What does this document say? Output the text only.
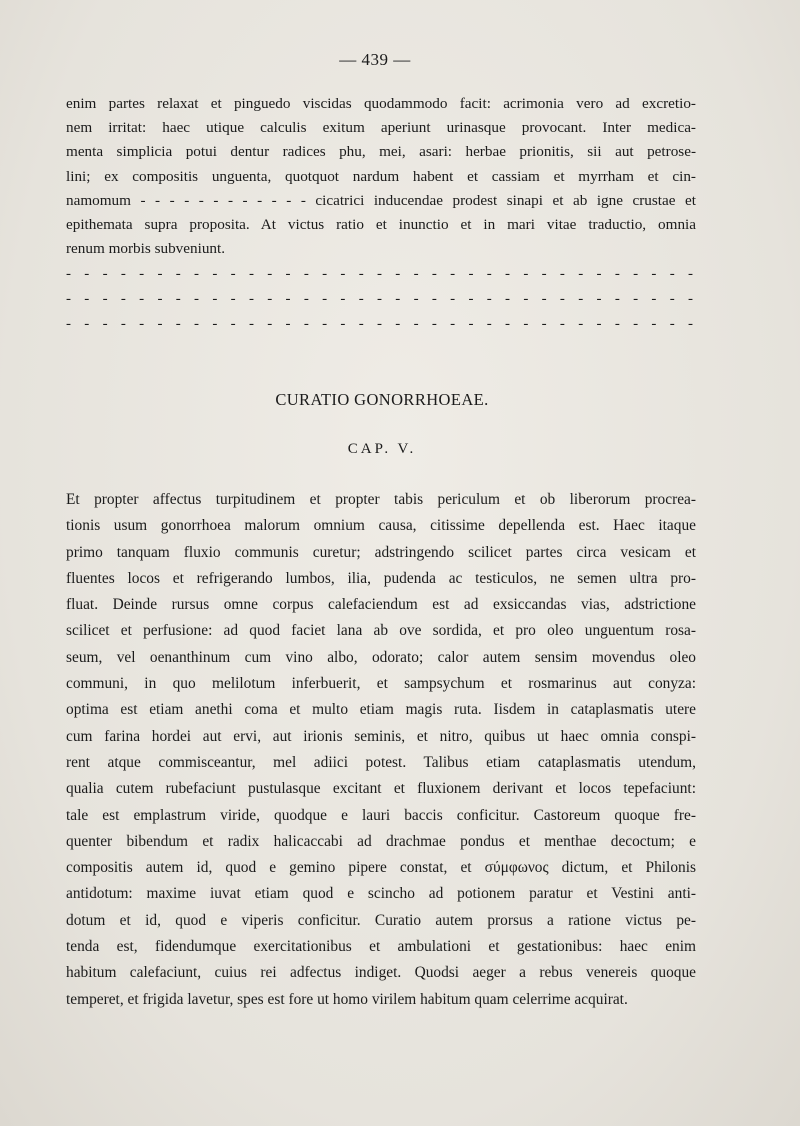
— 439 —
enim partes relaxat et pinguedo viscidas quodammodo facit: acrimonia vero ad excretio-
nem irritat: haec utique calculis exitum aperiunt urinasque provocant. Inter medica-
menta simplicia potui dentur radices phu, mei, asari: herbae prionitis, sii aut petrose-
lini; ex compositis unguenta, quotquot nardum habent et cassiam et myrrham et cin-
namomum - - - - - - - - - - - - cicatrici inducendae prodest sinapi et ab igne crustae et
epithemata supra proposita. At victus ratio et inunctio et in mari vitae traductio, omnia
renum morbis subveniunt.
- - - - - - - - - - - - - - - - - - - - - - - - - - - - - - - - - - -
- - - - - - - - - - - - - - - - - - - - - - - - - - - - - - - - - - -
- - - - - - - - - - - - - - - - - - - - - - - - - - - - - - - - - - -
CURATIO GONORRHOEAE.
CAP. V.
Et propter affectus turpitudinem et propter tabis periculum et ob liberorum procrea-
tionis usum gonorrhoea malorum omnium causa, citissime depellenda est. Haec itaque
primo tanquam fluxio communis curetur; adstringendo scilicet partes circa vesicam et
fluentes locos et refrigerando lumbos, ilia, pudenda ac testiculos, ne semen ultra pro-
fluat. Deinde rursus omne corpus calefaciendum est ad exsiccandas vias, adstrictione
scilicet et perfusione: ad quod faciet lana ab ove sordida, et pro oleo unguentum rosa-
seum, vel oenanthinum cum vino albo, odorato; calor autem sensim movendus oleo
communi, in quo melilotum inferbuerit, et sampsychum et rosmarinus aut conyza:
optima est etiam anethi coma et multo etiam magis ruta. Iisdem in cataplasmatis utere
cum farina hordei aut ervi, aut irionis seminis, et nitro, quibus ut haec omnia conspi-
rent atque commisceantur, mel adiici potest. Talibus etiam cataplasmatis utendum,
qualia cutem rubefaciunt pustulasque excitant et fluxionem derivant et locos tepefaciunt:
tale est emplastrum viride, quodque e lauri baccis conficitur. Castoreum quoque fre-
quenter bibendum et radix halicaccabi ad drachmae pondus et menthae decoctum; e
compositis autem id, quod e gemino pipere constat, et σύμφωνος dictum, et Philonis
antidotum: maxime iuvat etiam quod e scincho ad potionem paratur et Vestini anti-
dotum et id, quod e viperis conficitur. Curatio autem prorsus a ratione victus pe-
tenda est, fidendumque exercitationibus et ambulationi et gestationibus: haec enim
habitum calefaciunt, cuius rei adfectus indiget. Quodsi aeger a rebus venereis quoque
temperet, et frigida lavetur, spes est fore ut homo virilem habitum quam celerrime acquirat.
